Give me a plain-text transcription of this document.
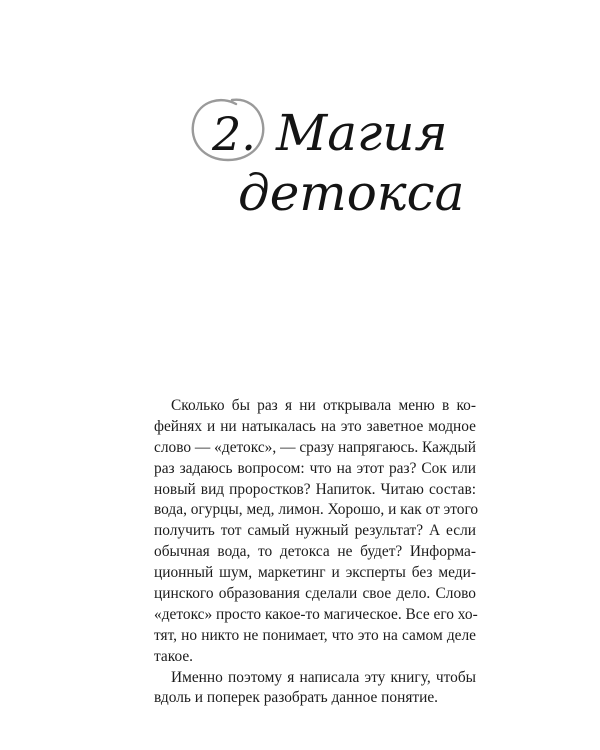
2. Магия
детокса
Сколько бы раз я ни открывала меню в ко-
фейнях и ни натыкалась на это заветное модное
слово — «детокс», — сразу напрягаюсь. Каждый
раз задаюсь вопросом: что на этот раз? Сок или
новый вид проростков? Напиток. Читаю состав:
вода, огурцы, мед, лимон. Хорошо, и как от этого
получить тот самый нужный результат? А если
обычная вода, то детокса не будет? Информа-
ционный шум, маркетинг и эксперты без меди-
цинского образования сделали свое дело. Слово
«детокс» просто какое-то магическое. Все его хо-
тят, но никто не понимает, что это на самом деле
такое.
Именно поэтому я написала эту книгу, чтобы
вдоль и поперек разобрать данное понятие.
